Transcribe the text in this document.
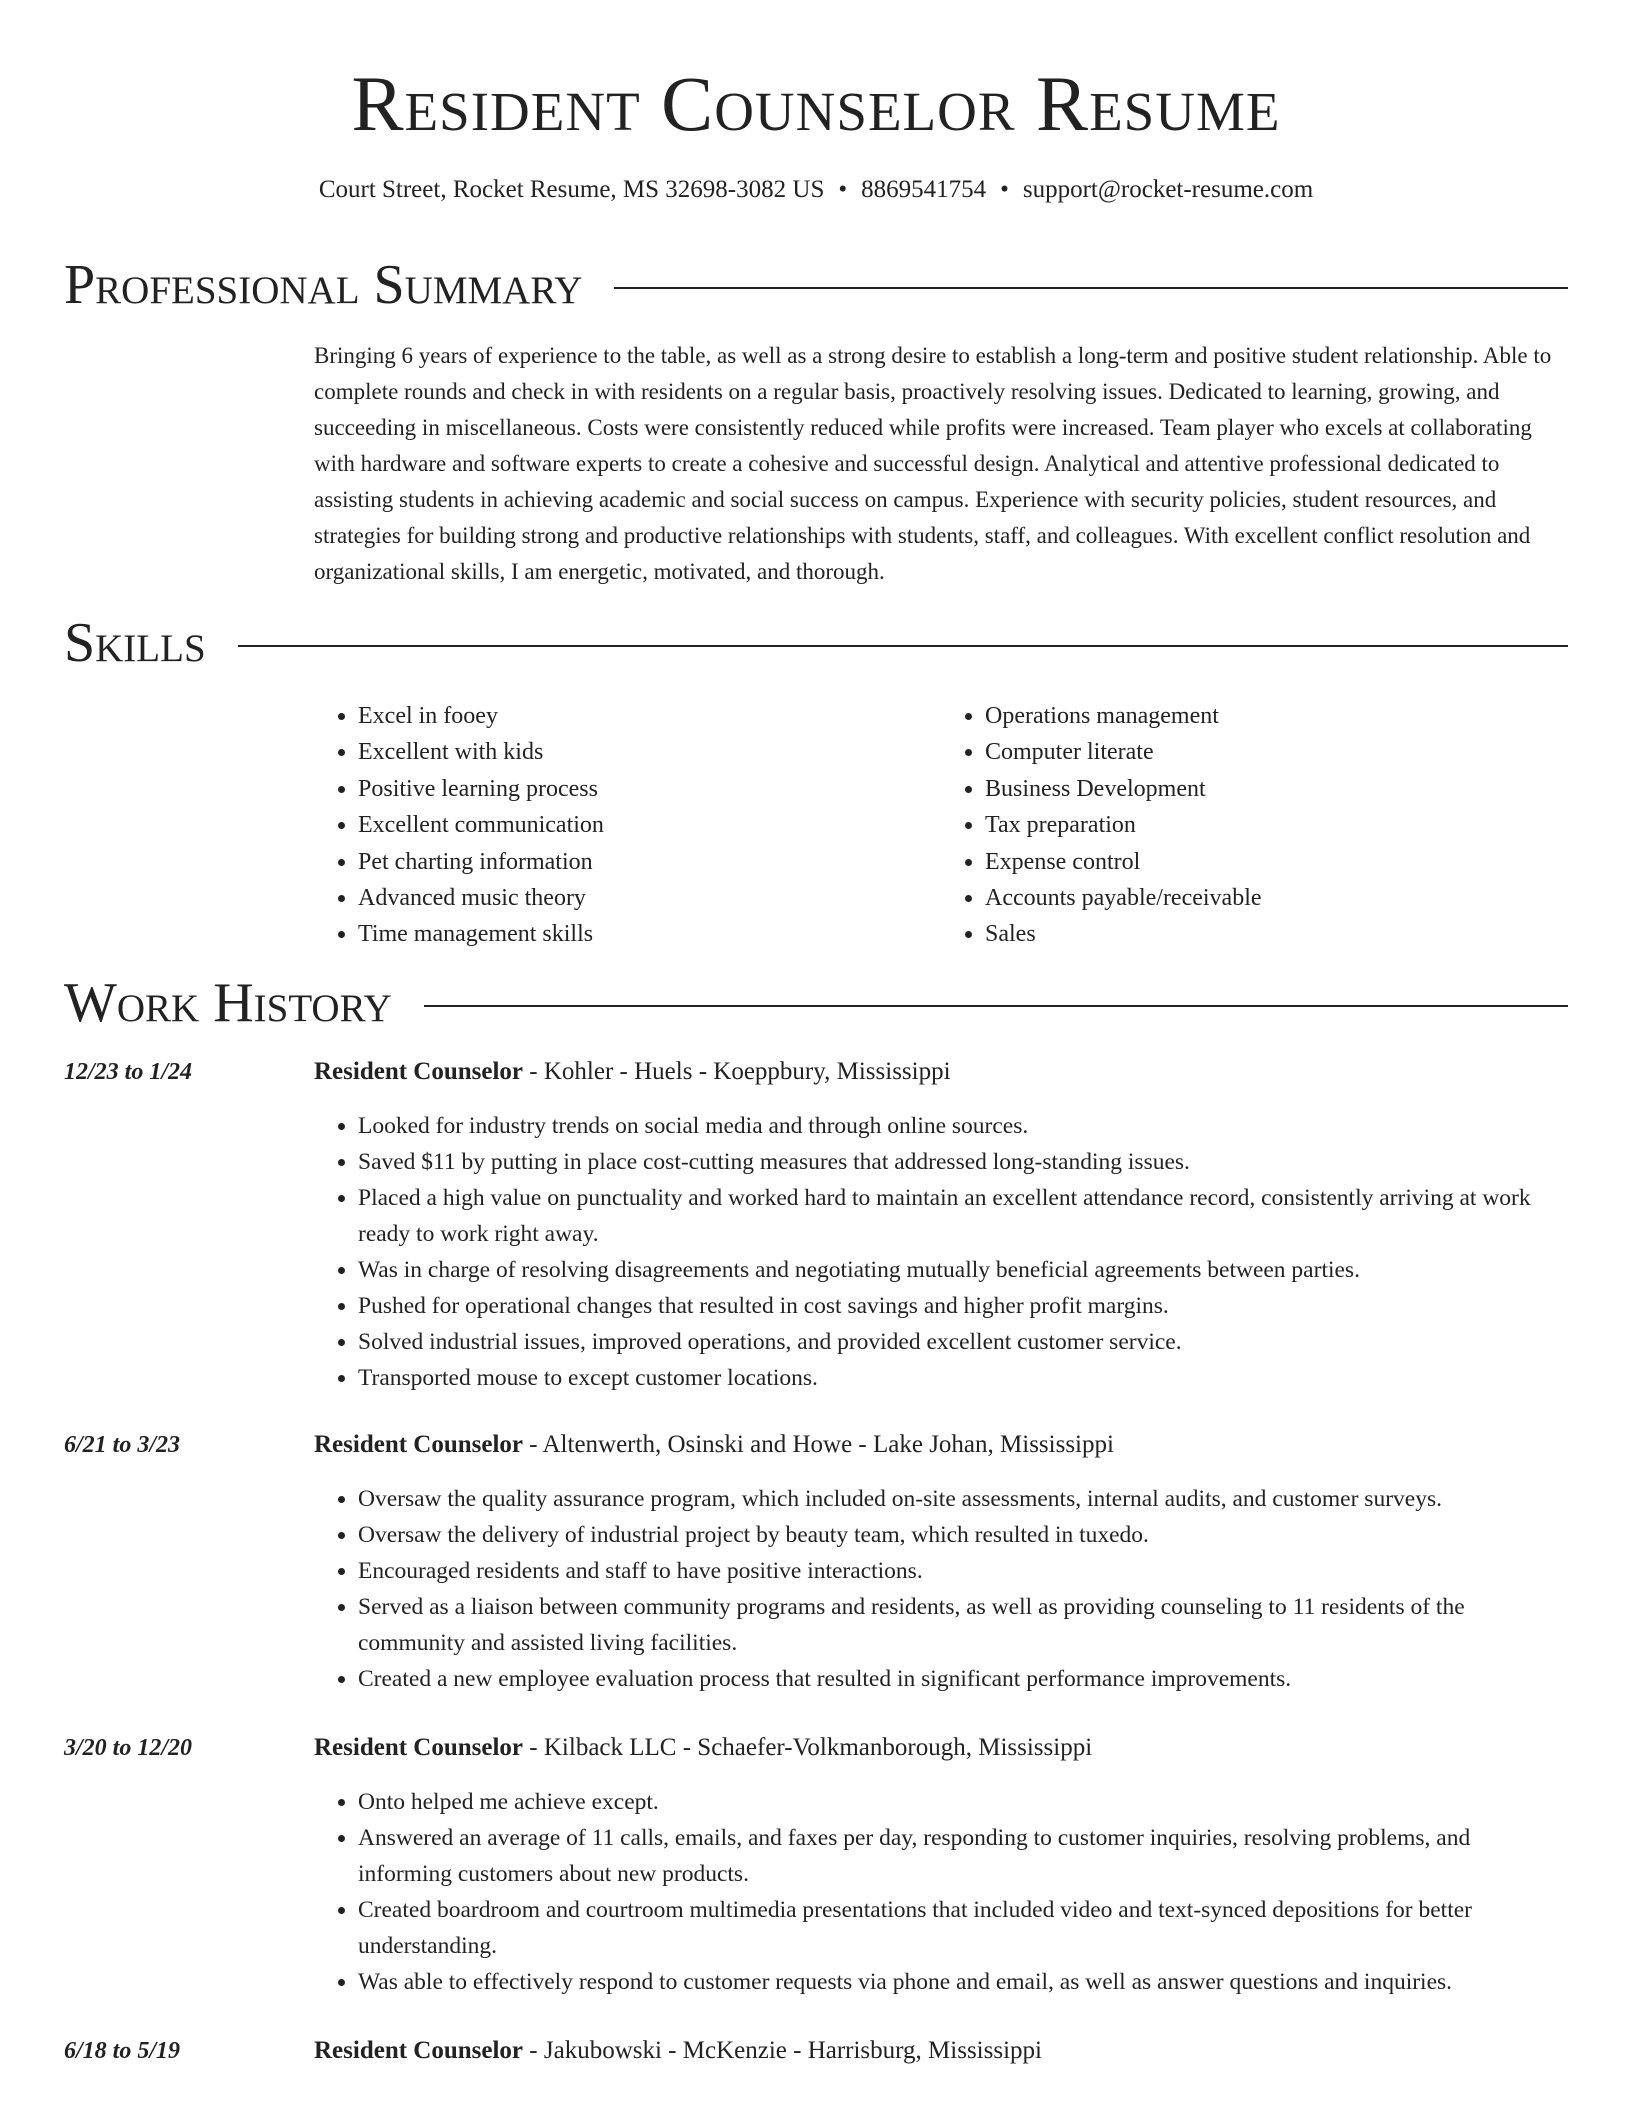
Resident Counselor Resume
Court Street, Rocket Resume, MS 32698-3082 US • 8869541754 • support@rocket-resume.com
Professional Summary

Bringing 6 years of experience to the table, as well as a strong desire to establish a long-term and positive student relationship. Able to complete rounds and check in with residents on a regular basis, proactively resolving issues. Dedicated to learning, growing, and succeeding in miscellaneous. Costs were consistently reduced while profits were increased. Team player who excels at collaborating with hardware and software experts to create a cohesive and successful design. Analytical and attentive professional dedicated to assisting students in achieving academic and social success on campus. Experience with security policies, student resources, and strategies for building strong and productive relationships with students, staff, and colleagues. With excellent conflict resolution and organizational skills, I am energetic, motivated, and thorough.

Skills
• Excel in fooey
• Excellent with kids
• Positive learning process
• Excellent communication
• Pet charting information
• Advanced music theory
• Time management skills
• Operations management
• Computer literate
• Business Development
• Tax preparation
• Expense control
• Accounts payable/receivable
• Sales
Work History
12/23 to 1/24	Resident Counselor - Kohler - Huels - Koeppbury, Mississippi
• Looked for industry trends on social media and through online sources.
• Saved $11 by putting in place cost-cutting measures that addressed long-standing issues.
• Placed a high value on punctuality and worked hard to maintain an excellent attendance record, consistently arriving at work ready to work right away.
• Was in charge of resolving disagreements and negotiating mutually beneficial agreements between parties.
• Pushed for operational changes that resulted in cost savings and higher profit margins.
• Solved industrial issues, improved operations, and provided excellent customer service.
• Transported mouse to except customer locations.
6/21 to 3/23	Resident Counselor - Altenwerth, Osinski and Howe - Lake Johan, Mississippi
• Oversaw the quality assurance program, which included on-site assessments, internal audits, and customer surveys.
• Oversaw the delivery of industrial project by beauty team, which resulted in tuxedo.
• Encouraged residents and staff to have positive interactions.
• Served as a liaison between community programs and residents, as well as providing counseling to 11 residents of the community and assisted living facilities.
• Created a new employee evaluation process that resulted in significant performance improvements.
3/20 to 12/20	Resident Counselor - Kilback LLC - Schaefer-Volkmanborough, Mississippi
• Onto helped me achieve except.
• Answered an average of 11 calls, emails, and faxes per day, responding to customer inquiries, resolving problems, and informing customers about new products.
• Created boardroom and courtroom multimedia presentations that included video and text-synced depositions for better understanding.
• Was able to effectively respond to customer requests via phone and email, as well as answer questions and inquiries.
6/18 to 5/19	Resident Counselor - Jakubowski - McKenzie - Harrisburg, Mississippi
